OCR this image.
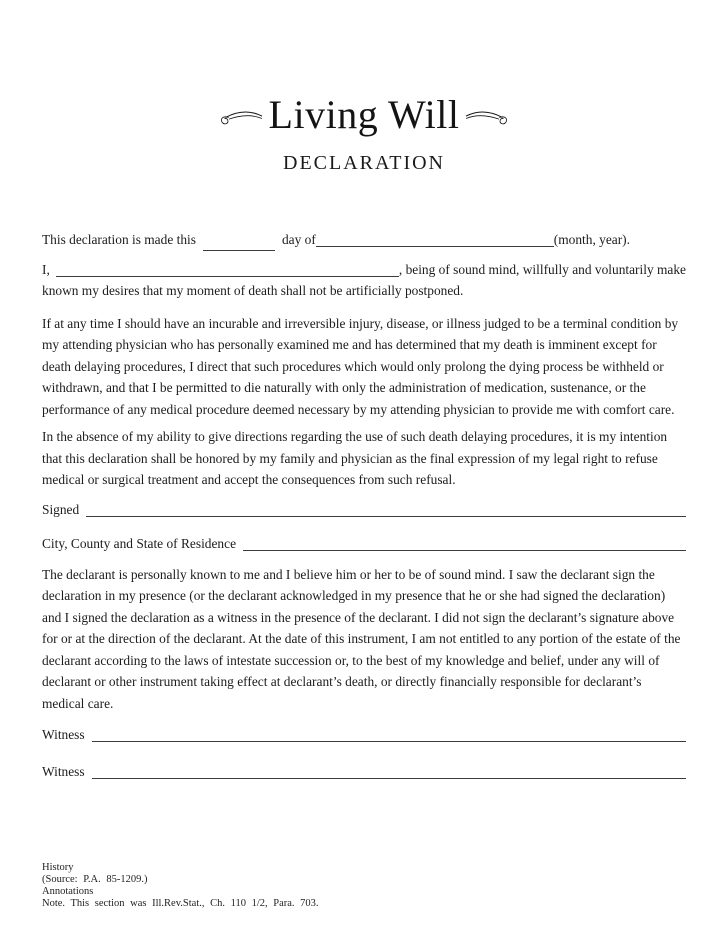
Living Will
DECLARATION
This declaration is made this	day of	(month, year).
I,	, being of sound mind, willfully and voluntarily make
known my desires that my moment of death shall not be artificially postponed.

If at any time I should have an incurable and irreversible injury, disease, or illness judged to be a terminal condition by my attending physician who has personally examined me and has determined that my death is imminent except for death delaying procedures, I direct that such procedures which would only prolong the dying process be withheld or withdrawn, and that I be permitted to die naturally with only the administration of medication, sustenance, or the performance of any medical procedure deemed necessary by my attending physician to provide me with comfort care.

In the absence of my ability to give directions regarding the use of such death delaying procedures, it is my intention that this declaration shall be honored by my family and physician as the final expression of my legal right to refuse medical or surgical treatment and accept the consequences from such refusal.

Signed
City, County and State of Residence

The declarant is personally known to me and I believe him or her to be of sound mind. I saw the declarant sign the declaration in my presence (or the declarant acknowledged in my presence that he or she had signed the declaration) and I signed the declaration as a witness in the presence of the declarant. I did not sign the declarant’s signature above for or at the direction of the declarant. At the date of this instrument, I am not entitled to any portion of the estate of the declarant according to the laws of intestate succession or, to the best of my knowledge and belief, under any will of declarant or other instrument taking effect at declarant’s death, or directly financially responsible for declarant’s medical care.

Witness
Witness
History
(Source: P.A. 85-1209.)
Annotations
Note. This section was Ill.Rev.Stat., Ch. 110 1/2, Para. 703.
